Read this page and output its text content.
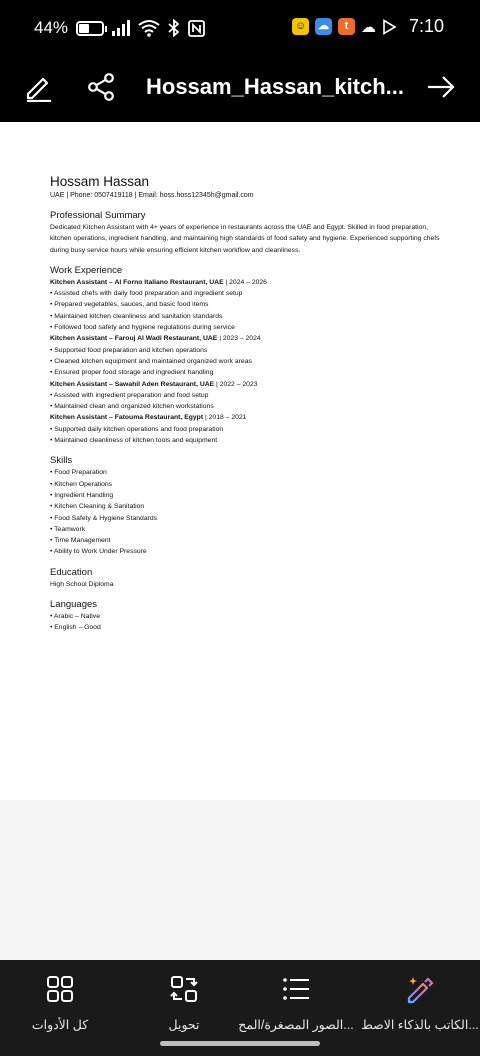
44%	☺ ☁	t ☁ 7:10
Hossam_Hassan_kitch...
Hossam Hassan
UAE | Phone: 0507419118 | Email: hoss.hoss12345h@gmail.com
Professional Summary
Dedicated Kitchen Assistant with 4+ years of experience in restaurants across the UAE and Egypt. Skilled in food preparation, kitchen operations, ingredient handling, and maintaining high standards of food safety and hygiene. Experienced supporting chefs during busy service hours while ensuring efficient kitchen workflow and cleanliness.
Work Experience
Kitchen Assistant – Al Forno Italiano Restaurant, UAE | 2024 – 2026
• Assisted chefs with daily food preparation and ingredient setup
• Prepared vegetables, sauces, and basic food items
• Maintained kitchen cleanliness and sanitation standards
• Followed food safety and hygiene regulations during service
Kitchen Assistant – Farouj Al Wadi Restaurant, UAE | 2023 – 2024
• Supported food preparation and kitchen operations
• Cleaned kitchen equipment and maintained organized work areas
• Ensured proper food storage and ingredient handling
Kitchen Assistant – Sawahil Aden Restaurant, UAE | 2022 – 2023
• Assisted with ingredient preparation and food setup
• Maintained clean and organized kitchen workstations
Kitchen Assistant – Fatouma Restaurant, Egypt | 2018 – 2021
• Supported daily kitchen operations and food preparation
• Maintained cleanliness of kitchen tools and equipment
Skills
• Food Preparation
• Kitchen Operations
• Ingredient Handling
• Kitchen Cleaning & Sanitation
• Food Safety & Hygiene Standards
• Teamwork
• Time Management
• Ability to Work Under Pressure
Education
High School Diploma
Languages
• Arabic – Native
• English – Good
كل الأدوات	تحويل	الصور المصغرة/المح... الكاتب بالذكاء الاصط...
